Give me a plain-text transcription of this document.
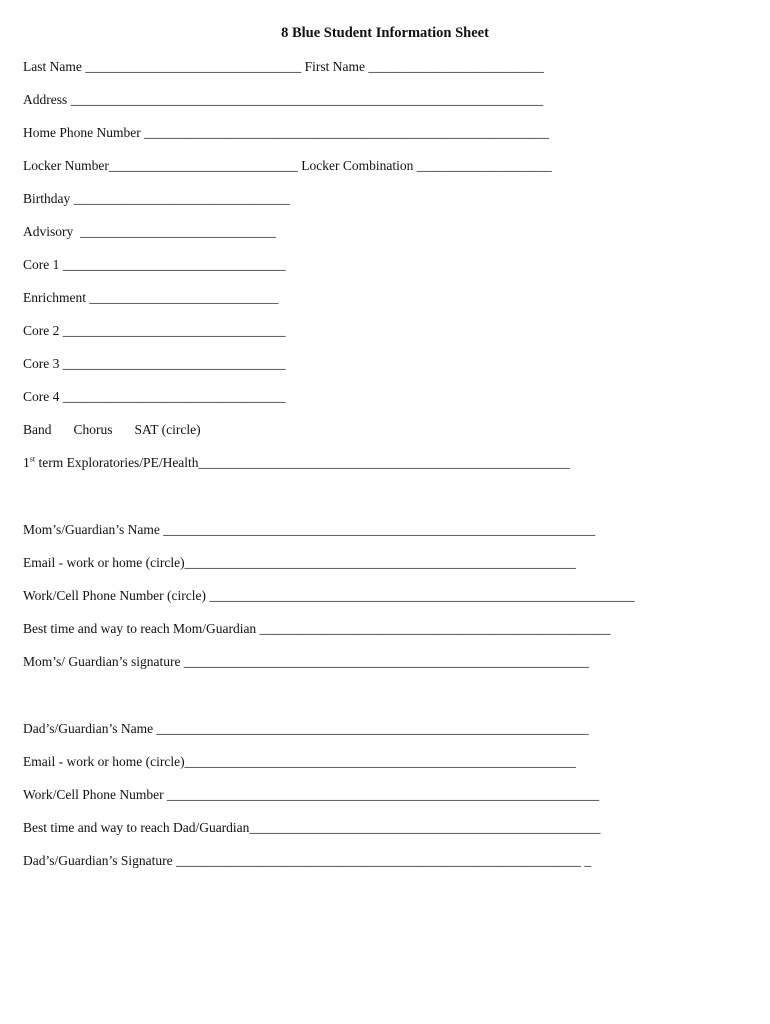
8 Blue Student Information Sheet
Last Name ________________________________ First Name __________________________
Address ______________________________________________________________________
Home Phone Number ____________________________________________________________
Locker Number____________________________ Locker Combination ____________________
Birthday ________________________________
Advisory  _____________________________
Core 1 _________________________________
Enrichment ____________________________
Core 2 _________________________________
Core 3 _________________________________
Core 4 _________________________________
Band Chorus SAT (circle)
1st term Exploratories/PE/Health_______________________________________________________
Mom’s/Guardian’s Name ________________________________________________________________
Email - work or home (circle)__________________________________________________________
Work/Cell Phone Number (circle) _______________________________________________________________
Best time and way to reach Mom/Guardian ____________________________________________________
Mom’s/ Guardian’s signature ____________________________________________________________
Dad’s/Guardian’s Name ________________________________________________________________
Email - work or home (circle)__________________________________________________________
Work/Cell Phone Number ________________________________________________________________
Best time and way to reach Dad/Guardian____________________________________________________
Dad’s/Guardian’s Signature ____________________________________________________________ _
